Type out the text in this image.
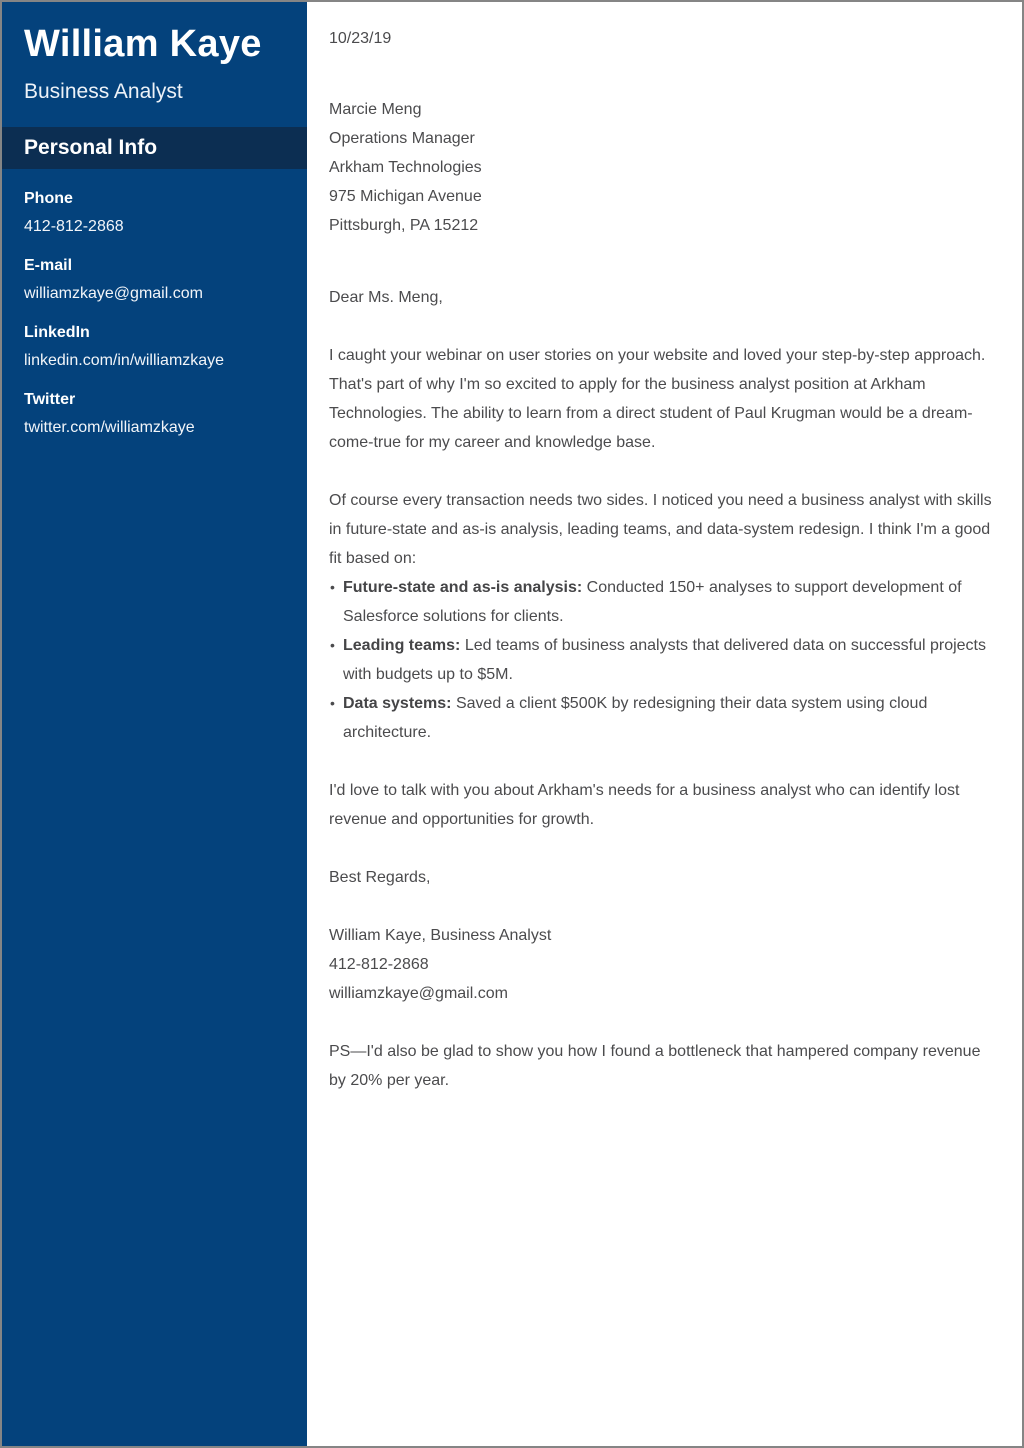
William Kaye
Business Analyst
Personal Info
Phone
412-812-2868
E-mail
williamzkaye@gmail.com
LinkedIn
linkedin.com/in/williamzkaye
Twitter
twitter.com/williamzkaye
10/23/19
Marcie Meng
Operations Manager
Arkham Technologies
975 Michigan Avenue
Pittsburgh, PA 15212
Dear Ms. Meng,

I caught your webinar on user stories on your website and loved your step-by-step approach. That's part of why I'm so excited to apply for the business analyst position at Arkham Technologies. The ability to learn from a direct student of Paul Krugman would be a dream-come-true for my career and knowledge base.

Of course every transaction needs two sides. I noticed you need a business analyst with skills in future-state and as-is analysis, leading teams, and data-system redesign. I think I'm a good fit based on:

• Future-state and as-is analysis: Conducted 150+ analyses to support development of Salesforce solutions for clients.
• Leading teams: Led teams of business analysts that delivered data on successful projects with budgets up to $5M.
• Data systems: Saved a client $500K by redesigning their data system using cloud architecture.

I'd love to talk with you about Arkham's needs for a business analyst who can identify lost revenue and opportunities for growth.

Best Regards,

William Kaye, Business Analyst
412-812-2868
williamzkaye@gmail.com

PS—I'd also be glad to show you how I found a bottleneck that hampered company revenue by 20% per year.
